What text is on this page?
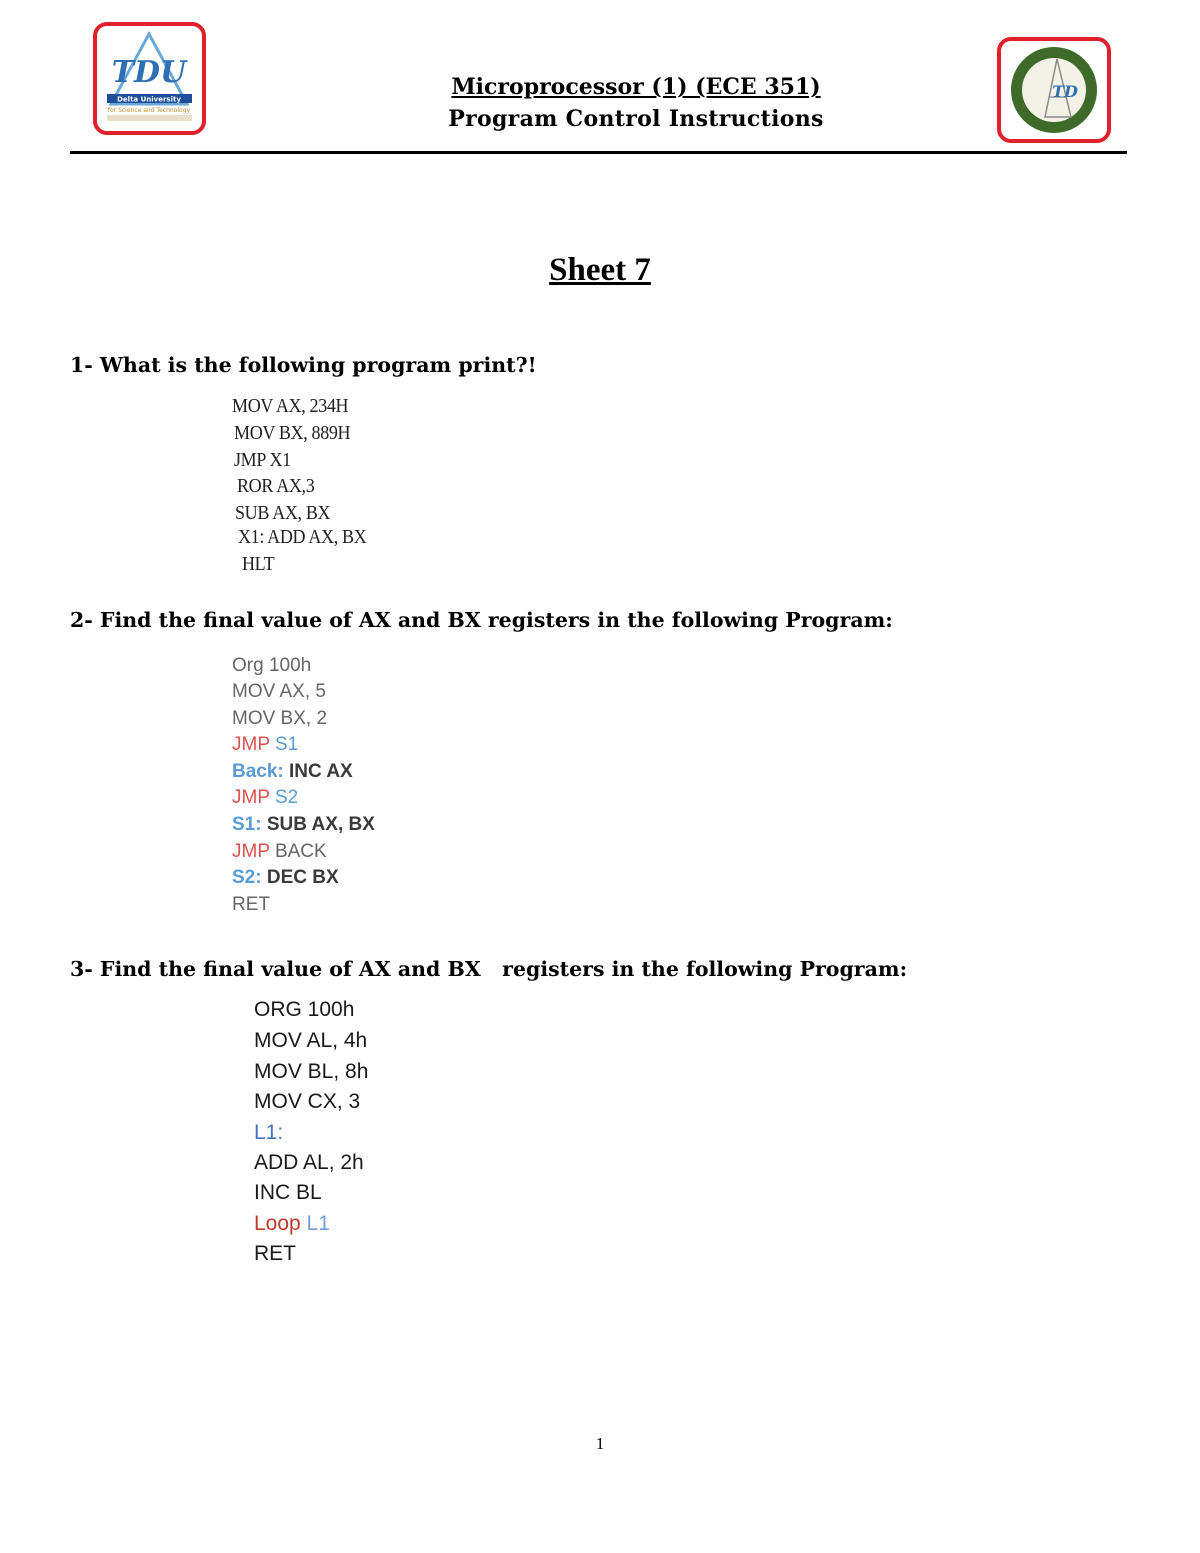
TDU
Delta University
for Science and Technology
Microprocessor (1) (ECE 351)
Program Control Instructions
TD
Sheet 7
1- What is the following program print?!
MOV AX, 234H
MOV BX, 889H
JMP X1
ROR AX,3
SUB AX, BX
X1: ADD AX, BX
HLT
2- Find the final value of AX and BX registers in the following Program:
Org 100h
MOV AX, 5
MOV BX, 2
JMP S1
Back: INC AX
JMP S2
S1: SUB AX, BX
JMP BACK
S2: DEC BX
RET
3- Find the final value of AX and BX   registers in the following Program:
ORG 100h
MOV AL, 4h
MOV BL, 8h
MOV CX, 3
L1:
ADD AL, 2h
INC BL
Loop L1
RET
1
